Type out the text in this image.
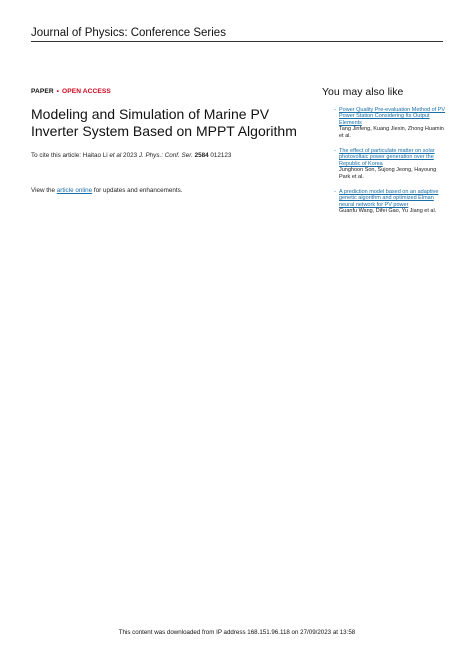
Journal of Physics: Conference Series
PAPER • OPEN ACCESS
Modeling and Simulation of Marine PV Inverter System Based on MPPT Algorithm
To cite this article: Haitao Li et al 2023 J. Phys.: Conf. Ser. 2584 012123
View the article online for updates and enhancements.
You may also like
- Power Quality Pre-evaluation Method of PV Power Station Considering Its Output Elements
Tang Jinfeng, Kuang Jiexin, Zhong Huamin et al.
- The effect of particulate matter on solar photovoltaic power generation over the Republic of Korea
Junghoon Son, Sujong Jeong, Hayoung Park et al.
- A prediction model based on an adaptive genetic algorithm and optimized Elman neural network for PV power
Guanfu Wang, Difei Gao, Yu Jiang et al.
This content was downloaded from IP address 168.151.96.118 on 27/09/2023 at 13:58
